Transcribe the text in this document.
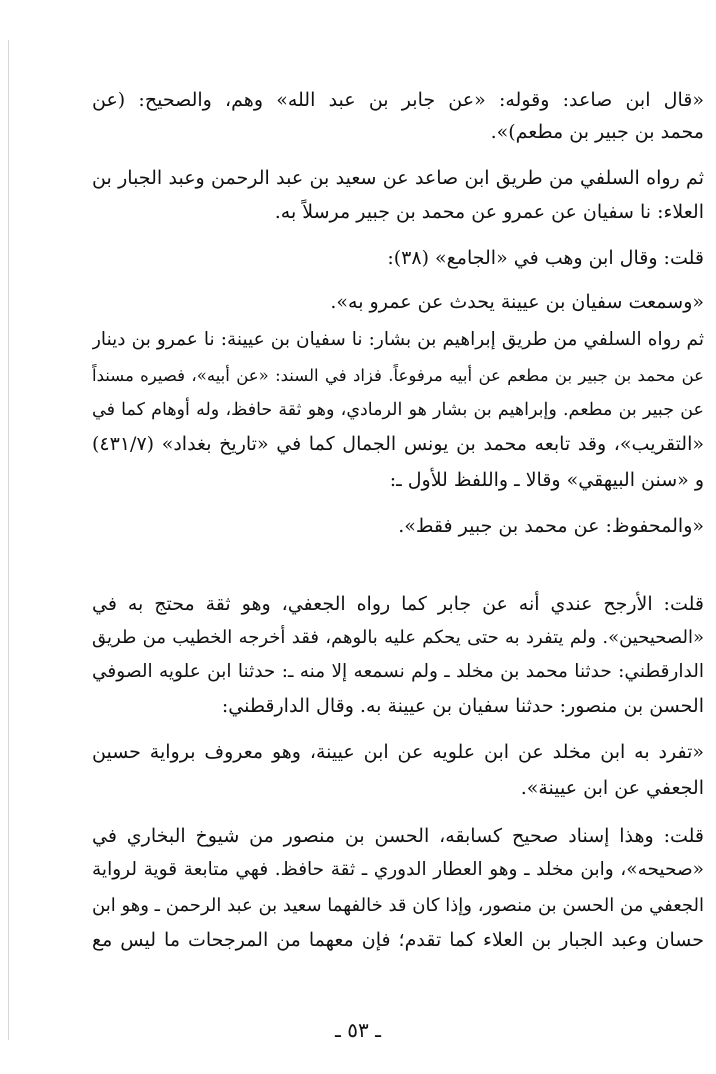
«قال ابن صاعد: وقوله: «عن جابر بن عبد الله» وهم، والصحيح: (عن
محمد بن جبير بن مطعم)».
ثم رواه السلفي من طريق ابن صاعد عن سعيد بن عبد الرحمن وعبد الجبار بن
العلاء: نا سفيان عن عمرو عن محمد بن جبير مرسلاً به.
قلت: وقال ابن وهب في «الجامع» (٣٨):
«وسمعت سفيان بن عيينة يحدث عن عمرو به».
ثم رواه السلفي من طريق إبراهيم بن بشار: نا سفيان بن عيينة: نا عمرو بن دينار
عن محمد بن جبير بن مطعم عن أبيه مرفوعاً. فزاد في السند: «عن أبيه»، فصيره مسنداً
عن جبير بن مطعم. وإبراهيم بن بشار هو الرمادي، وهو ثقة حافظ، وله أوهام كما في
«التقريب»، وقد تابعه محمد بن يونس الجمال كما في «تاريخ بغداد» (٤٣١/٧)
و «سنن البيهقي» وقالا ـ واللفظ للأول ـ:
«والمحفوظ: عن محمد بن جبير فقط».
قلت: الأرجح عندي أنه عن جابر كما رواه الجعفي، وهو ثقة محتج به في
«الصحيحين». ولم يتفرد به حتى يحكم عليه بالوهم، فقد أخرجه الخطيب من طريق
الدارقطني: حدثنا محمد بن مخلد ـ ولم نسمعه إلا منه ـ: حدثنا ابن علويه الصوفي
الحسن بن منصور: حدثنا سفيان بن عيينة به. وقال الدارقطني:
«تفرد به ابن مخلد عن ابن علويه عن ابن عيينة، وهو معروف برواية حسين
الجعفي عن ابن عيينة».
قلت: وهذا إسناد صحيح كسابقه، الحسن بن منصور من شيوخ البخاري في
«صحيحه»، وابن مخلد ـ وهو العطار الدوري ـ ثقة حافظ. فهي متابعة قوية لرواية
الجعفي من الحسن بن منصور، وإذا كان قد خالفهما سعيد بن عبد الرحمن ـ وهو ابن
حسان وعبد الجبار بن العلاء كما تقدم؛ فإن معهما من المرجحات ما ليس مع
ـ ٥٣ ـ
